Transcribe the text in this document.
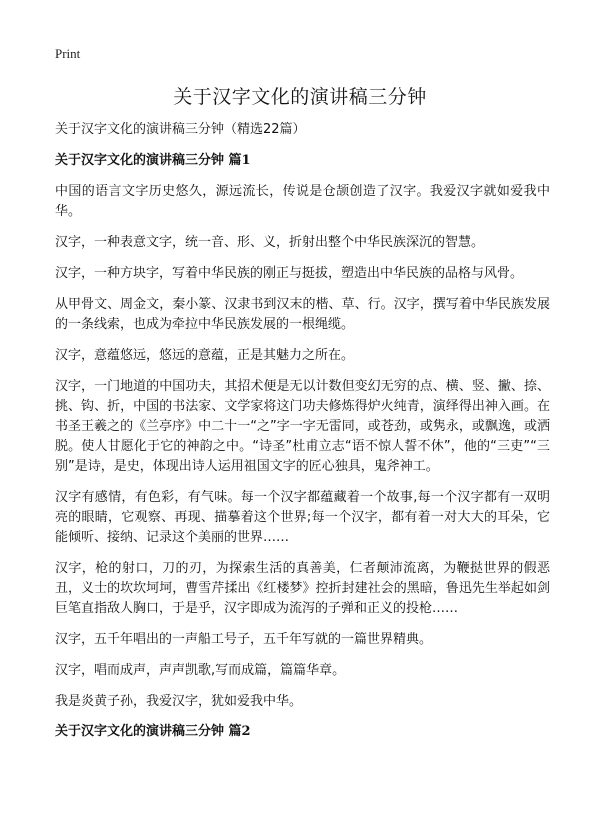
Print
关于汉字文化的演讲稿三分钟

关于汉字文化的演讲稿三分钟（精选22篇）

关于汉字文化的演讲稿三分钟 篇1

中国的语言文字历史悠久，源远流长，传说是仓颉创造了汉字。我爱汉字就如爱我中华。

汉字，一种表意文字，统一音、形、义，折射出整个中华民族深沉的智慧。

汉字，一种方块字，写着中华民族的刚正与挺拔，塑造出中华民族的品格与风骨。

从甲骨文、周金文，秦小篆、汉隶书到汉末的楷、草、行。汉字，撰写着中华民族发展的一条线索，也成为牵拉中华民族发展的一根绳缆。

汉字，意蕴悠远，悠远的意蕴，正是其魅力之所在。

汉字，一门地道的中国功夫，其招术便是无以计数但变幻无穷的点、横、竖、撇、捺、挑、钩、折，中国的书法家、文学家将这门功夫修炼得炉火纯青，演绎得出神入画。在书圣王羲之的《兰亭序》中二十一“之”字一字无雷同，或苍劲，或隽永，或飘逸，或洒脱。使人甘愿化于它的神韵之中。“诗圣”杜甫立志“语不惊人誓不休”，他的“三吏”“三别”是诗，是史，体现出诗人运用祖国文字的匠心独具，鬼斧神工。

汉字有感情，有色彩，有气味。每一个汉字都蕴藏着一个故事,每一个汉字都有一双明亮的眼睛，它观察、再现、描摹着这个世界;每一个汉字，都有着一对大大的耳朵，它能倾听、接纳、记录这个美丽的世界……

汉字，枪的射口，刀的刃，为探索生活的真善美，仁者颠沛流离，为鞭挞世界的假恶丑，义士的坎坎坷坷，曹雪芹揉出《红楼梦》控折封建社会的黑暗，鲁迅先生举起如剑巨笔直指敌人胸口，于是乎，汉字即成为流泻的子弹和正义的投枪……

汉字，五千年唱出的一声船工号子，五千年写就的一篇世界精典。

汉字，唱而成声，声声凯歌,写而成篇，篇篇华章。

我是炎黄子孙，我爱汉字，犹如爱我中华。

关于汉字文化的演讲稿三分钟 篇2
